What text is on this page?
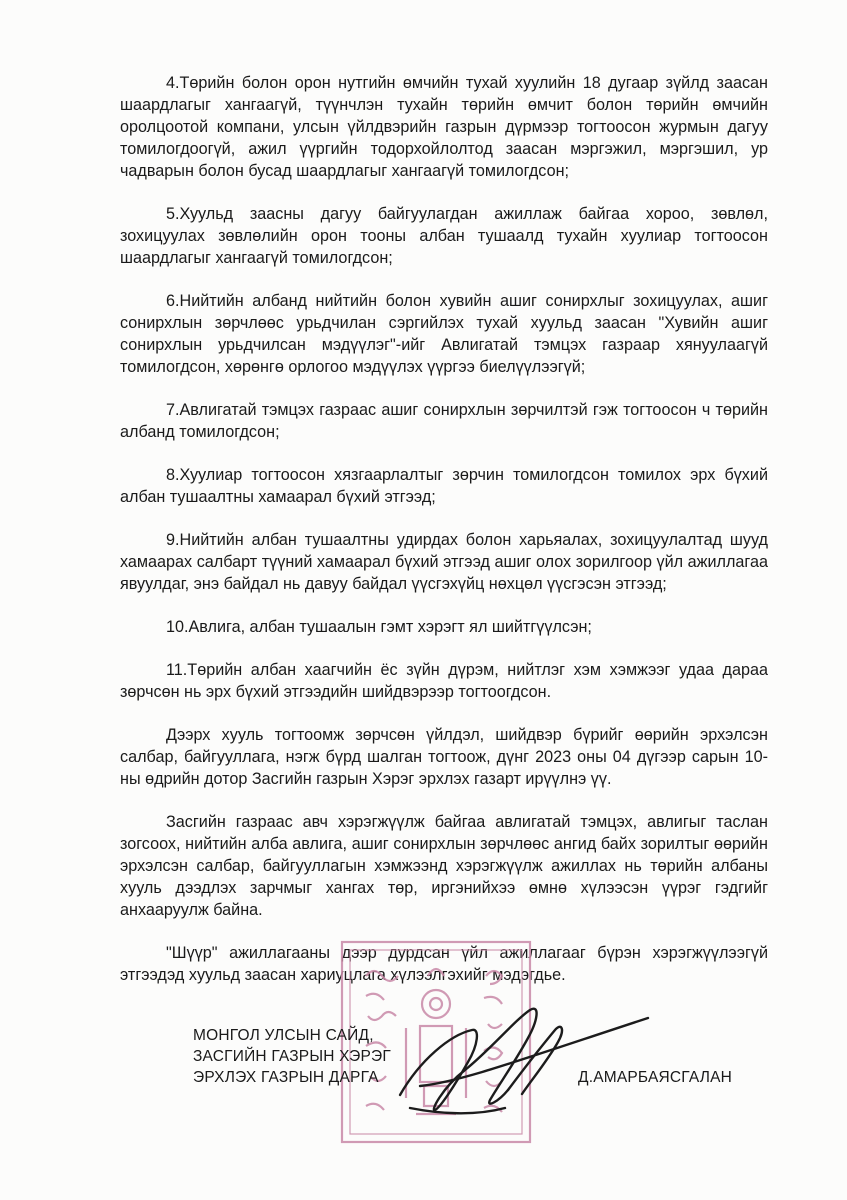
4.Төрийн болон орон нутгийн өмчийн тухай хуулийн 18 дугаар зүйлд заасан шаардлагыг хангаагүй, түүнчлэн тухайн төрийн өмчит болон төрийн өмчийн оролцоотой компани, улсын үйлдвэрийн газрын дүрмээр тогтоосон журмын дагуу томилогдоогүй, ажил үүргийн тодорхойлолтод заасан мэргэжил, мэргэшил, ур чадварын болон бусад шаардлагыг хангаагүй томилогдсон;

5.Хуульд заасны дагуу байгуулагдан ажиллаж байгаа хороо, зөвлөл, зохицуулах зөвлөлийн орон тооны албан тушаалд тухайн хуулиар тогтоосон шаардлагыг хангаагүй томилогдсон;

6.Нийтийн албанд нийтийн болон хувийн ашиг сонирхлыг зохицуулах, ашиг сонирхлын зөрчлөөс урьдчилан сэргийлэх тухай хуульд заасан "Хувийн ашиг сонирхлын урьдчилсан мэдүүлэг"-ийг Авлигатай тэмцэх газраар хянуулаагүй томилогдсон, хөрөнгө орлогоо мэдүүлэх үүргээ биелүүлээгүй;

7.Авлигатай тэмцэх газраас ашиг сонирхлын зөрчилтэй гэж тогтоосон ч төрийн албанд томилогдсон;

8.Хуулиар тогтоосон хязгаарлалтыг зөрчин томилогдсон томилох эрх бүхий албан тушаалтны хамаарал бүхий этгээд;

9.Нийтийн албан тушаалтны удирдах болон харьяалах, зохицуулалтад шууд хамаарах салбарт түүний хамаарал бүхий этгээд ашиг олох зорилгоор үйл ажиллагаа явуулдаг, энэ байдал нь давуу байдал үүсгэхүйц нөхцөл үүсгэсэн этгээд;

10.Авлига, албан тушаалын гэмт хэрэгт ял шийтгүүлсэн;

11.Төрийн албан хаагчийн ёс зүйн дүрэм, нийтлэг хэм хэмжээг удаа дараа зөрчсөн нь эрх бүхий этгээдийн шийдвэрээр тогтоогдсон.

Дээрх хууль тогтоомж зөрчсөн үйлдэл, шийдвэр бүрийг өөрийн эрхэлсэн салбар, байгууллага, нэгж бүрд шалган тогтоож, дүнг 2023 оны 04 дүгээр сарын 10-ны өдрийн дотор Засгийн газрын Хэрэг эрхлэх газарт ирүүлнэ үү.

Засгийн газраас авч хэрэгжүүлж байгаа авлигатай тэмцэх, авлигыг таслан зогсоох, нийтийн алба авлига, ашиг сонирхлын зөрчлөөс ангид байх зорилтыг өөрийн эрхэлсэн салбар, байгууллагын хэмжээнд хэрэгжүүлж ажиллах нь төрийн албаны хууль дээдлэх зарчмыг хангах төр, иргэнийхээ өмнө хүлээсэн үүрэг гэдгийг анхааруулж байна.

"Шүүр" ажиллагааны дээр дурдсан үйл ажиллагааг бүрэн хэрэгжүүлээгүй этгээдэд хуульд заасан хариуцлага хүлээлгэхийг мэдэгдье.

МОНГОЛ УЛСЫН САЙД,
ЗАСГИЙН ГАЗРЫН ХЭРЭГ
ЭРХЛЭХ ГАЗРЫН ДАРГА	Д.АМАРБАЯСГАЛАН
